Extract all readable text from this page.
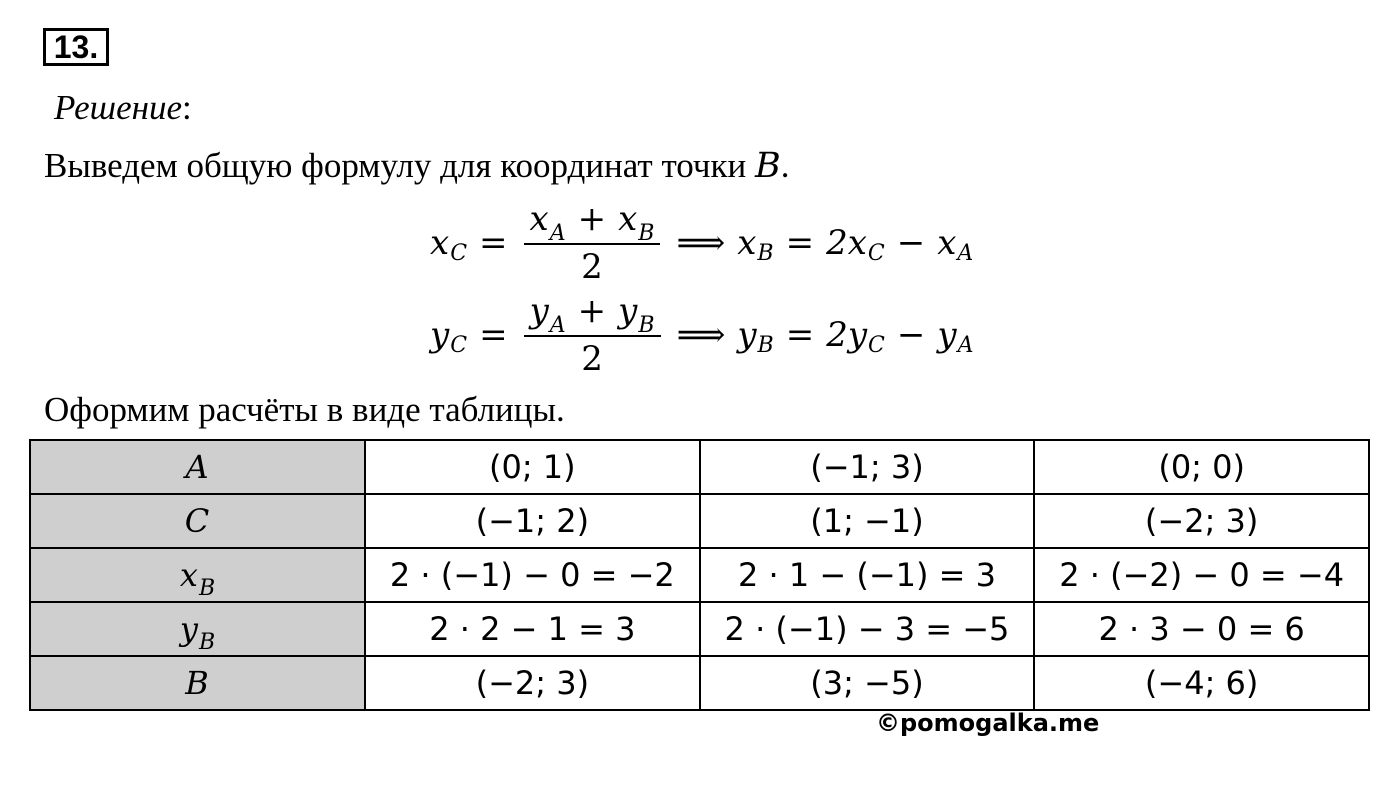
13.
Решение:
Выведем общую формулу для координат точки B.
x $C = \frac{x_A + x_B}{2}$ ⟹ x B = 2x C − x A
y $C = \frac{y_A + y_B}{2}$ ⟹ y B = 2y C − y A
Оформим расчёты в виде таблицы.
A	(0; 1)	(−1; 3)	(0; 0)
C	(−1; 2)	(1; −1)	(−2; 3)
$x_B$	2 · (−1) − 0 = −2	2 · 1 − (−1) = 3	2 · (−2) − 0 = −4
$y_B$	2 · 2 − 1 = 3	2 · (−1) − 3 = −5	2 · 3 − 0 = 6
B	(−2; 3)	(3; −5)	(−4; 6)
©pomogalka.me
